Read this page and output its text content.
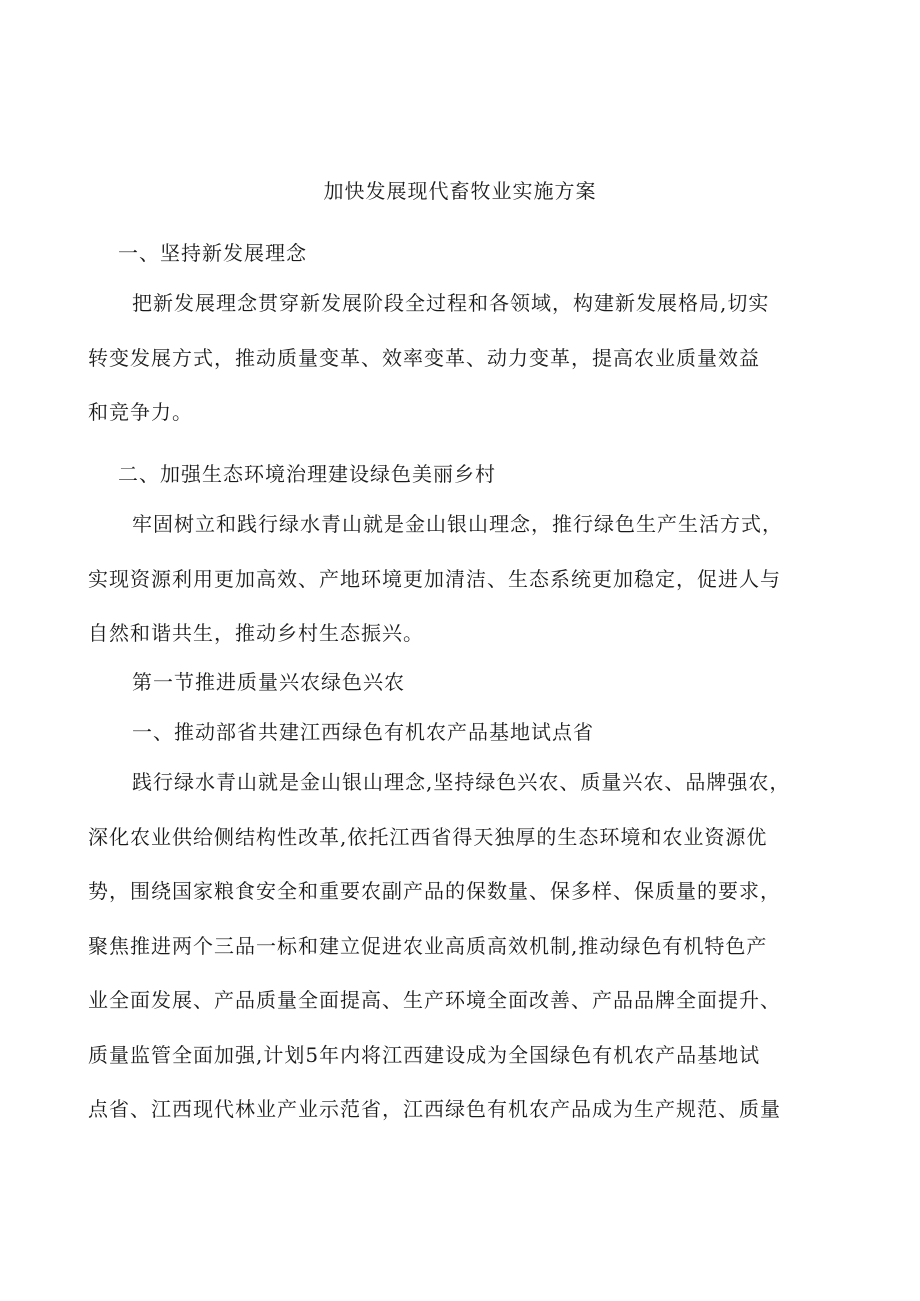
加快发展现代畜牧业实施方案
一、坚持新发展理念
把新发展理念贯穿新发展阶段全过程和各领域，构建新发展格局,切实
转变发展方式，推动质量变革、效率变革、动力变革，提高农业质量效益
和竞争力。
二、加强生态环境治理建设绿色美丽乡村
牢固树立和践行绿水青山就是金山银山理念，推行绿色生产生活方式，
实现资源利用更加高效、产地环境更加清洁、生态系统更加稳定，促进人与
自然和谐共生，推动乡村生态振兴。
第一节推进质量兴农绿色兴农
一、推动部省共建江西绿色有机农产品基地试点省
践行绿水青山就是金山银山理念,坚持绿色兴农、质量兴农、品牌强农，
深化农业供给侧结构性改革,依托江西省得天独厚的生态环境和农业资源优
势，围绕国家粮食安全和重要农副产品的保数量、保多样、保质量的要求，
聚焦推进两个三品一标和建立促进农业高质高效机制,推动绿色有机特色产
业全面发展、产品质量全面提高、生产环境全面改善、产品品牌全面提升、
质量监管全面加强,计划5年内将江西建设成为全国绿色有机农产品基地试
点省、江西现代林业产业示范省，江西绿色有机农产品成为生产规范、质量
